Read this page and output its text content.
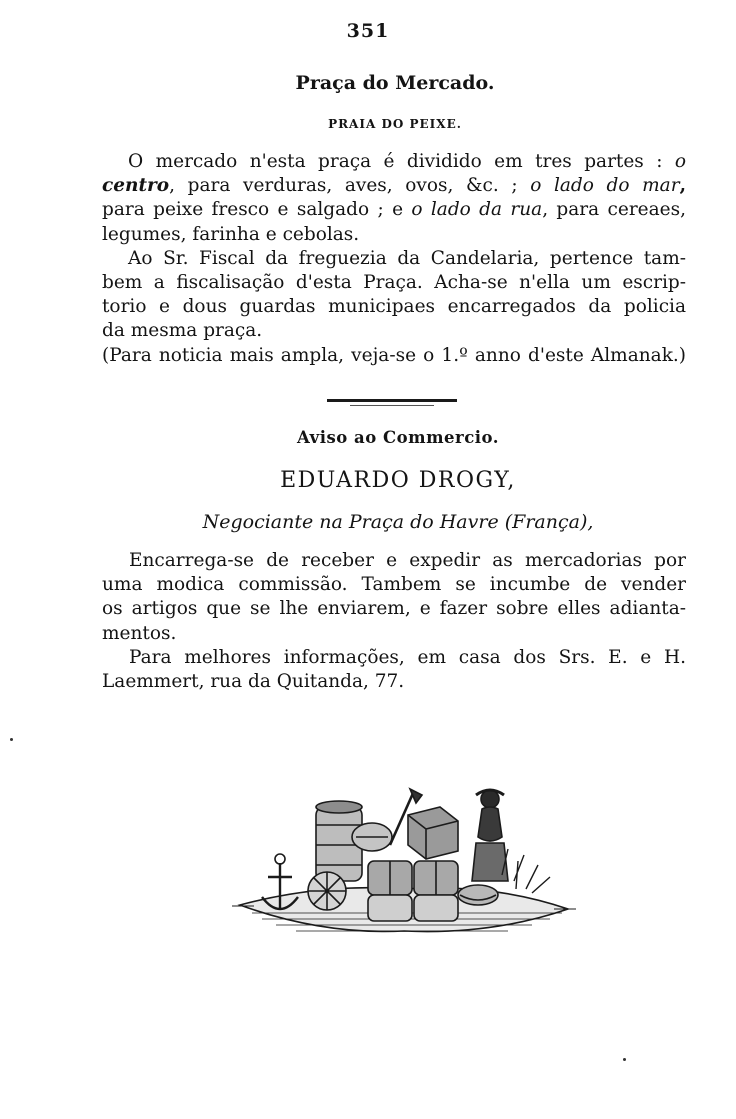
351
Praça do Mercado.
PRAIA DO PEIXE.
O mercado n'esta praça é dividido em tres partes : o
centro, para verduras, aves, ovos, &c. ; o lado do mar,
para peixe fresco e salgado ; e o lado da rua, para cereaes,
legumes, farinha e cebolas.
Ao Sr. Fiscal da freguezia da Candelaria, pertence tam-
bem a fiscalisação d'esta Praça. Acha-se n'ella um escrip-
torio e dous guardas municipaes encarregados da policia
da mesma praça.
(Para noticia mais ampla, veja-se o 1.º anno d'este Almanak.)
Aviso ao Commercio.
EDUARDO DROGY,
Negociante na Praça do Havre (França),
Encarrega-se de receber e expedir as mercadorias por
uma modica commissão. Tambem se incumbe de vender
os artigos que se lhe enviarem, e fazer sobre elles adianta-
mentos.
Para melhores informações, em casa dos Srs. E. e H.
Laemmert, rua da Quitanda, 77.
